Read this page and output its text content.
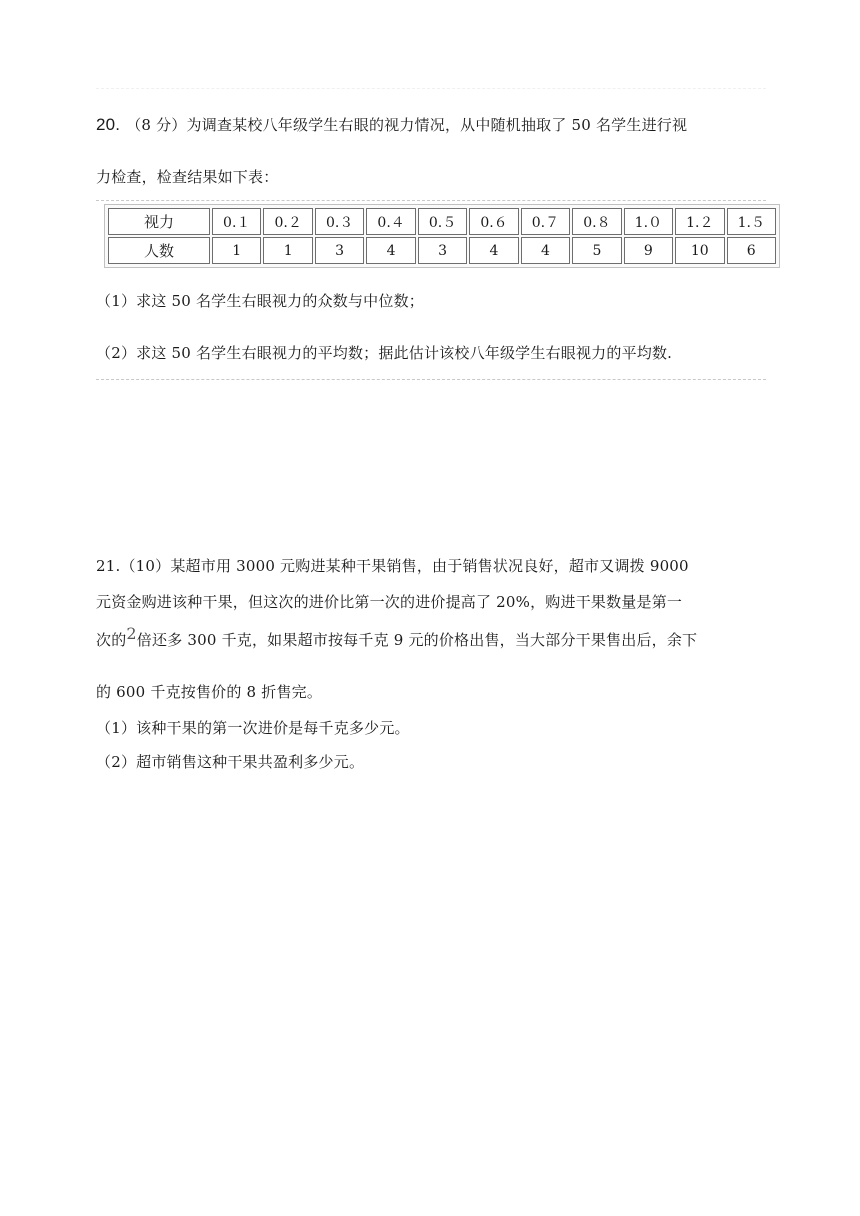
20. （8 分）为调查某校八年级学生右眼的视力情况，从中随机抽取了 50 名学生进行视
力检查，检查结果如下表：
视力	0.１	0.２	0.３	0.４	0.５	0.６	0.７	0.８	1.０	1.２	1.５
人数	1	1	3	4	3	4	4	5	9	10	6
（1）求这 50 名学生右眼视力的众数与中位数；
（2）求这 50 名学生右眼视力的平均数；据此估计该校八年级学生右眼视力的平均数.
21.（10）某超市用 3000 元购进某种干果销售，由于销售状况良好，超市又调拨 9000
元资金购进该种干果，但这次的进价比第一次的进价提高了 20%，购进干果数量是第一
次的2倍还多 300 千克，如果超市按每千克 9 元的价格出售，当大部分干果售出后，余下
的 600 千克按售价的 8 折售完。
（1）该种干果的第一次进价是每千克多少元。
（2）超市销售这种干果共盈利多少元。
